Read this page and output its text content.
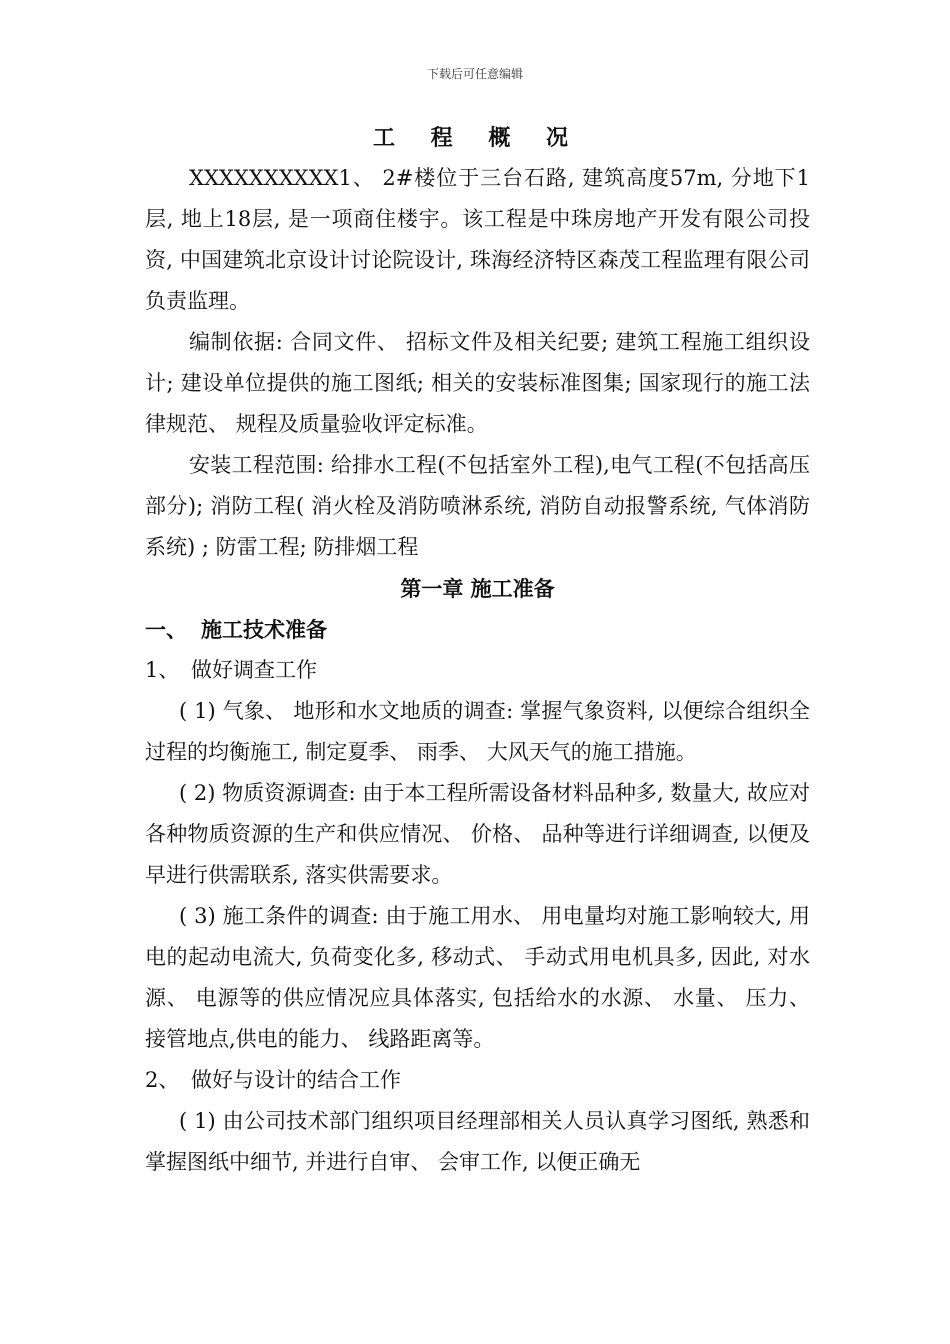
下载后可任意编辑
工 程 概 况

XXXXXXXXXX1、 2#楼位于三台石路, 建筑高度57m, 分地下1层, 地上18层, 是一项商住楼宇。该工程是中珠房地产开发有限公司投资, 中国建筑北京设计讨论院设计, 珠海经济特区森茂工程监理有限公司负责监理。

编制依据: 合同文件、 招标文件及相关纪要; 建筑工程施工组织设计; 建设单位提供的施工图纸; 相关的安装标准图集; 国家现行的施工法律规范、 规程及质量验收评定标准。

安装工程范围: 给排水工程(不包括室外工程),电气工程(不包括高压部分); 消防工程( 消火栓及消防喷淋系统, 消防自动报警系统, 气体消防系统) ; 防雷工程; 防排烟工程

第一章 施工准备
一、 施工技术准备

1、 做好调查工作

( 1) 气象、 地形和水文地质的调查: 掌握气象资料, 以便综合组织全过程的均衡施工, 制定夏季、 雨季、 大风天气的施工措施。

( 2) 物质资源调查: 由于本工程所需设备材料品种多, 数量大, 故应对各种物质资源的生产和供应情况、 价格、 品种等进行详细调查, 以便及早进行供需联系, 落实供需要求。

( 3) 施工条件的调查: 由于施工用水、 用电量均对施工影响较大, 用电的起动电流大, 负荷变化多, 移动式、 手动式用电机具多, 因此, 对水源、 电源等的供应情况应具体落实, 包括给水的水源、 水量、 压力、 接管地点,供电的能力、 线路距离等。

2、 做好与设计的结合工作

( 1) 由公司技术部门组织项目经理部相关人员认真学习图纸, 熟悉和掌握图纸中细节, 并进行自审、 会审工作, 以便正确无
